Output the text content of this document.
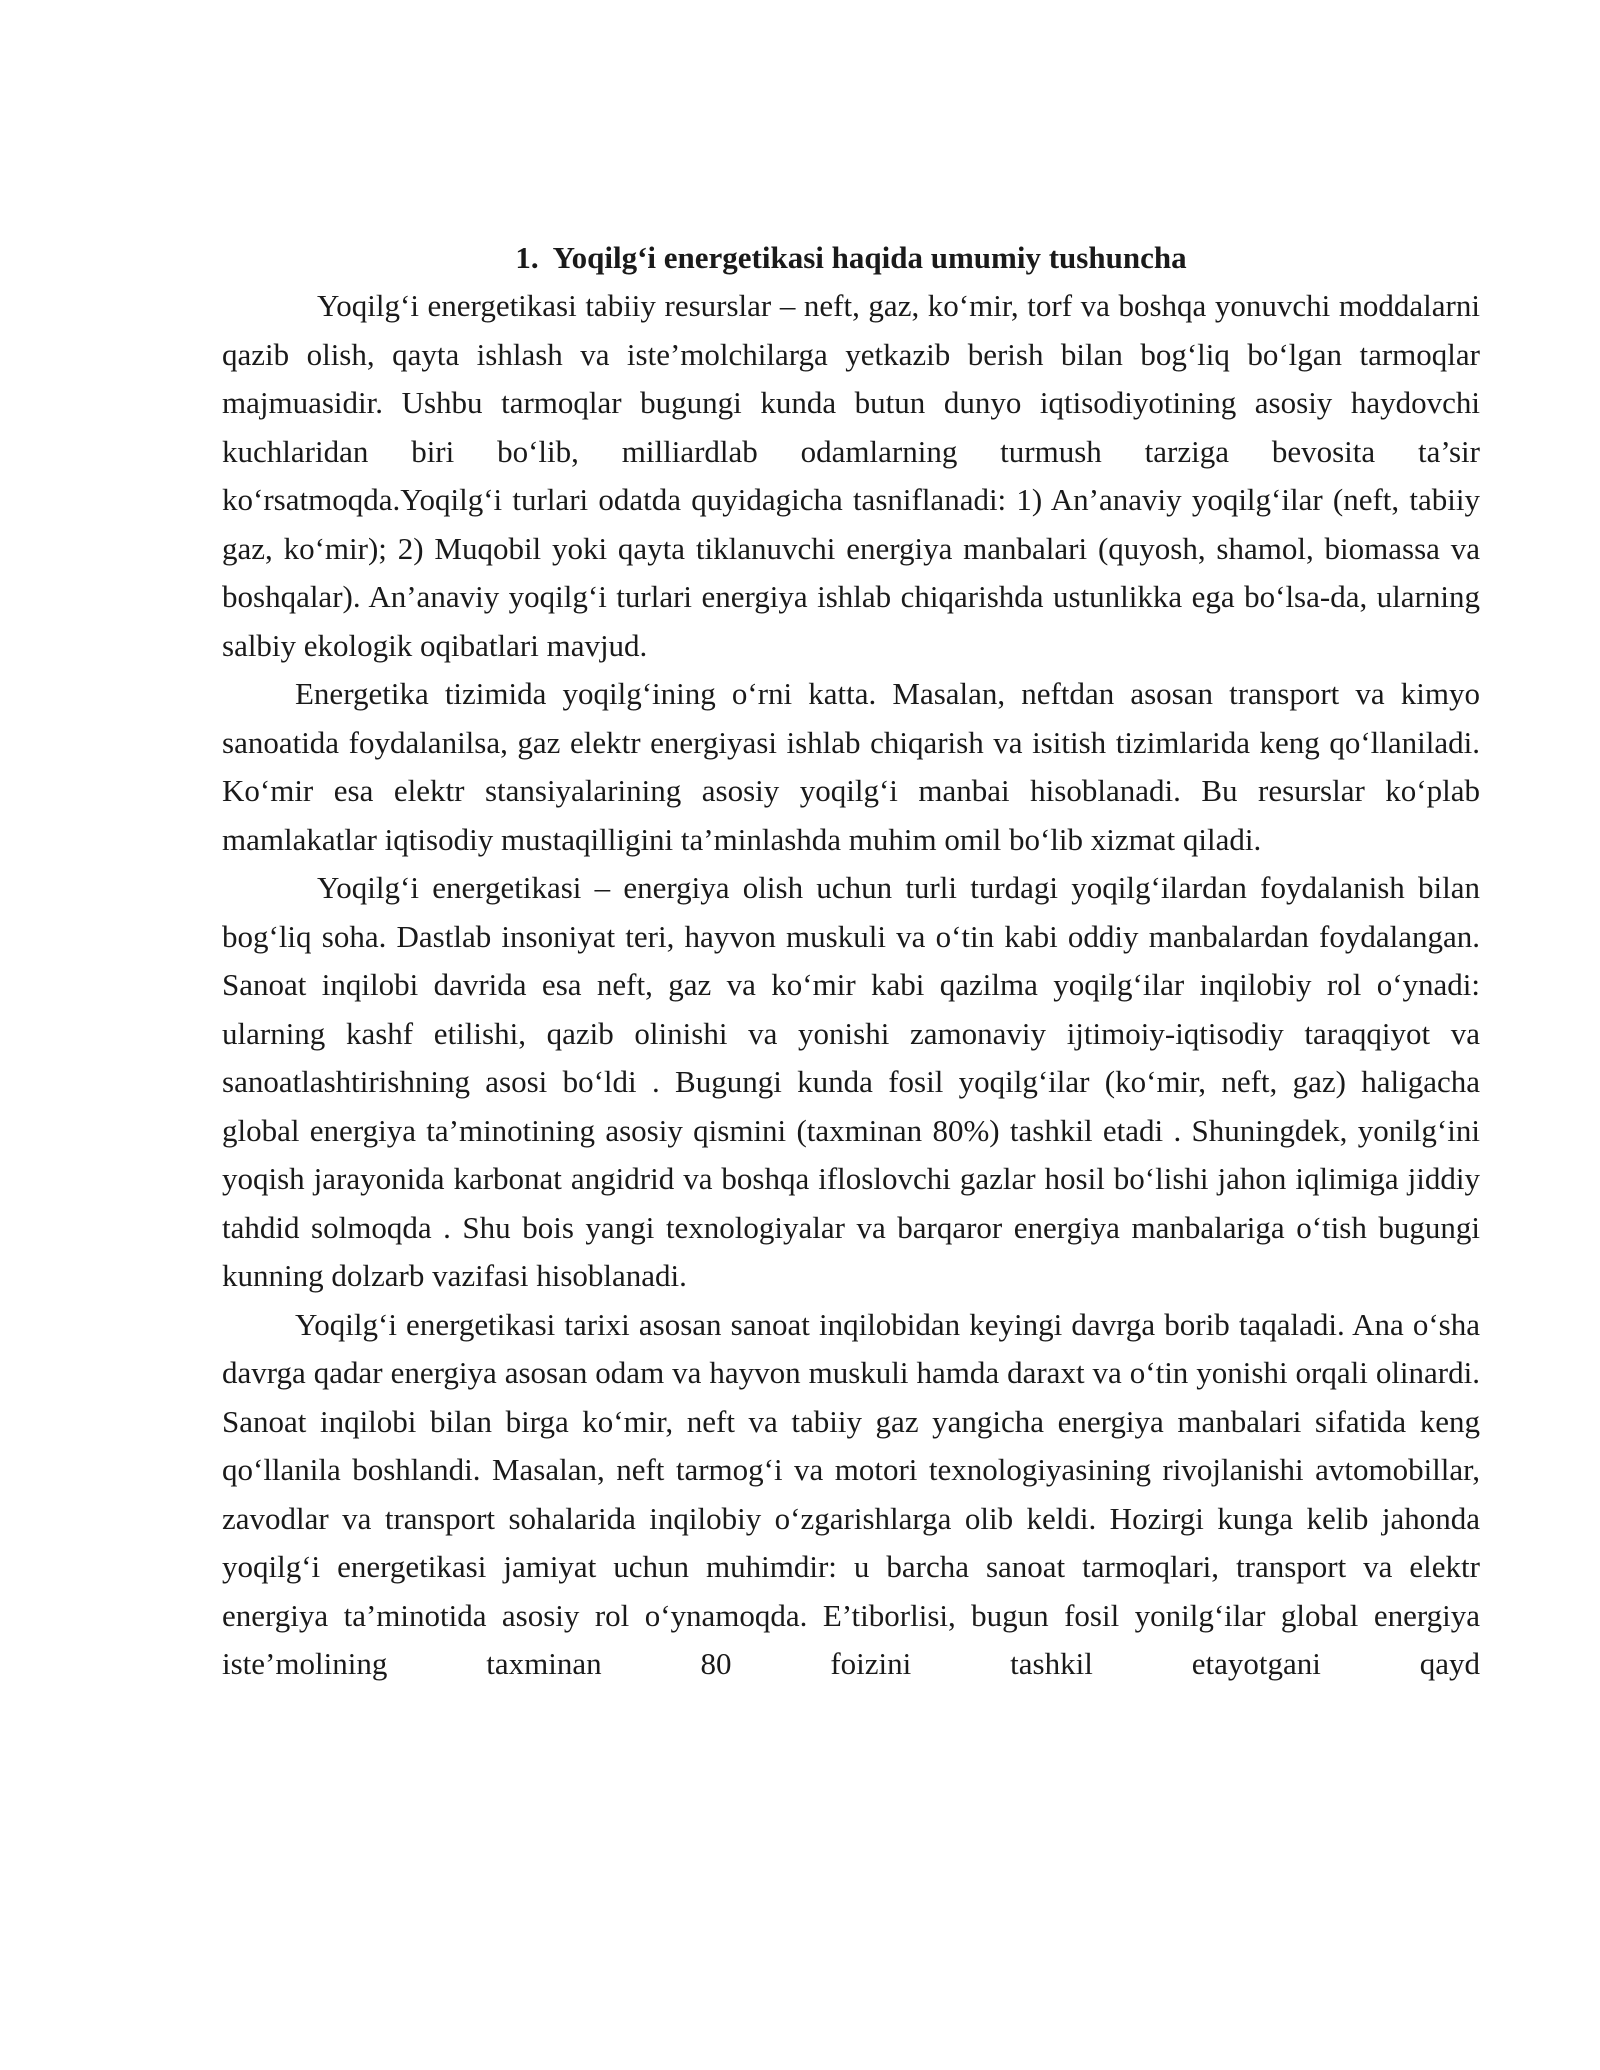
1. Yoqilg‘i energetikasi haqida umumiy tushuncha

Yoqilg‘i energetikasi tabiiy resurslar – neft, gaz, ko‘mir, torf va boshqa yonuvchi moddalarni qazib olish, qayta ishlash va iste’molchilarga yetkazib berish bilan bog‘liq bo‘lgan tarmoqlar majmuasidir. Ushbu tarmoqlar bugungi kunda butun dunyo iqtisodiyotining asosiy haydovchi kuchlaridan biri bo‘lib, milliardlab odamlarning turmush tarziga bevosita ta’sir ko‘rsatmoqda.Yoqilg‘i turlari odatda quyidagicha tasniflanadi: 1) An’anaviy yoqilg‘ilar (neft, tabiiy gaz, ko‘mir); 2) Muqobil yoki qayta tiklanuvchi energiya manbalari (quyosh, shamol, biomassa va boshqalar). An’anaviy yoqilg‘i turlari energiya ishlab chiqarishda ustunlikka ega bo‘lsa-da, ularning salbiy ekologik oqibatlari mavjud.

Energetika tizimida yoqilg‘ining o‘rni katta. Masalan, neftdan asosan transport va kimyo sanoatida foydalanilsa, gaz elektr energiyasi ishlab chiqarish va isitish tizimlarida keng qo‘llaniladi. Ko‘mir esa elektr stansiyalarining asosiy yoqilg‘i manbai hisoblanadi. Bu resurslar ko‘plab mamlakatlar iqtisodiy mustaqilligini ta’minlashda muhim omil bo‘lib xizmat qiladi.

Yoqilg‘i energetikasi – energiya olish uchun turli turdagi yoqilg‘ilardan foydalanish bilan bog‘liq soha. Dastlab insoniyat teri, hayvon muskuli va o‘tin kabi oddiy manbalardan foydalangan. Sanoat inqilobi davrida esa neft, gaz va ko‘mir kabi qazilma yoqilg‘ilar inqilobiy rol o‘ynadi: ularning kashf etilishi, qazib olinishi va yonishi zamonaviy ijtimoiy-iqtisodiy taraqqiyot va sanoatlashtirishning asosi bo‘ldi . Bugungi kunda fosil yoqilg‘ilar (ko‘mir, neft, gaz) haligacha global energiya ta’minotining asosiy qismini (taxminan 80%) tashkil etadi . Shuningdek, yonilg‘ini yoqish jarayonida karbonat angidrid va boshqa ifloslovchi gazlar hosil bo‘lishi jahon iqlimiga jiddiy tahdid solmoqda . Shu bois yangi texnologiyalar va barqaror energiya manbalariga o‘tish bugungi kunning dolzarb vazifasi hisoblanadi.

Yoqilg‘i energetikasi tarixi asosan sanoat inqilobidan keyingi davrga borib taqaladi. Ana o‘sha davrga qadar energiya asosan odam va hayvon muskuli hamda daraxt va o‘tin yonishi orqali olinardi. Sanoat inqilobi bilan birga ko‘mir, neft va tabiiy gaz yangicha energiya manbalari sifatida keng qo‘llanila boshlandi. Masalan, neft tarmog‘i va motori texnologiyasining rivojlanishi avtomobillar, zavodlar va transport sohalarida inqilobiy o‘zgarishlarga olib keldi. Hozirgi kunga kelib jahonda yoqilg‘i energetikasi jamiyat uchun muhimdir: u barcha sanoat tarmoqlari, transport va elektr energiya ta’minotida asosiy rol o‘ynamoqda. E’tiborlisi, bugun fosil yonilg‘ilar global energiya iste’molining taxminan 80 foizini tashkil etayotgani qayd
